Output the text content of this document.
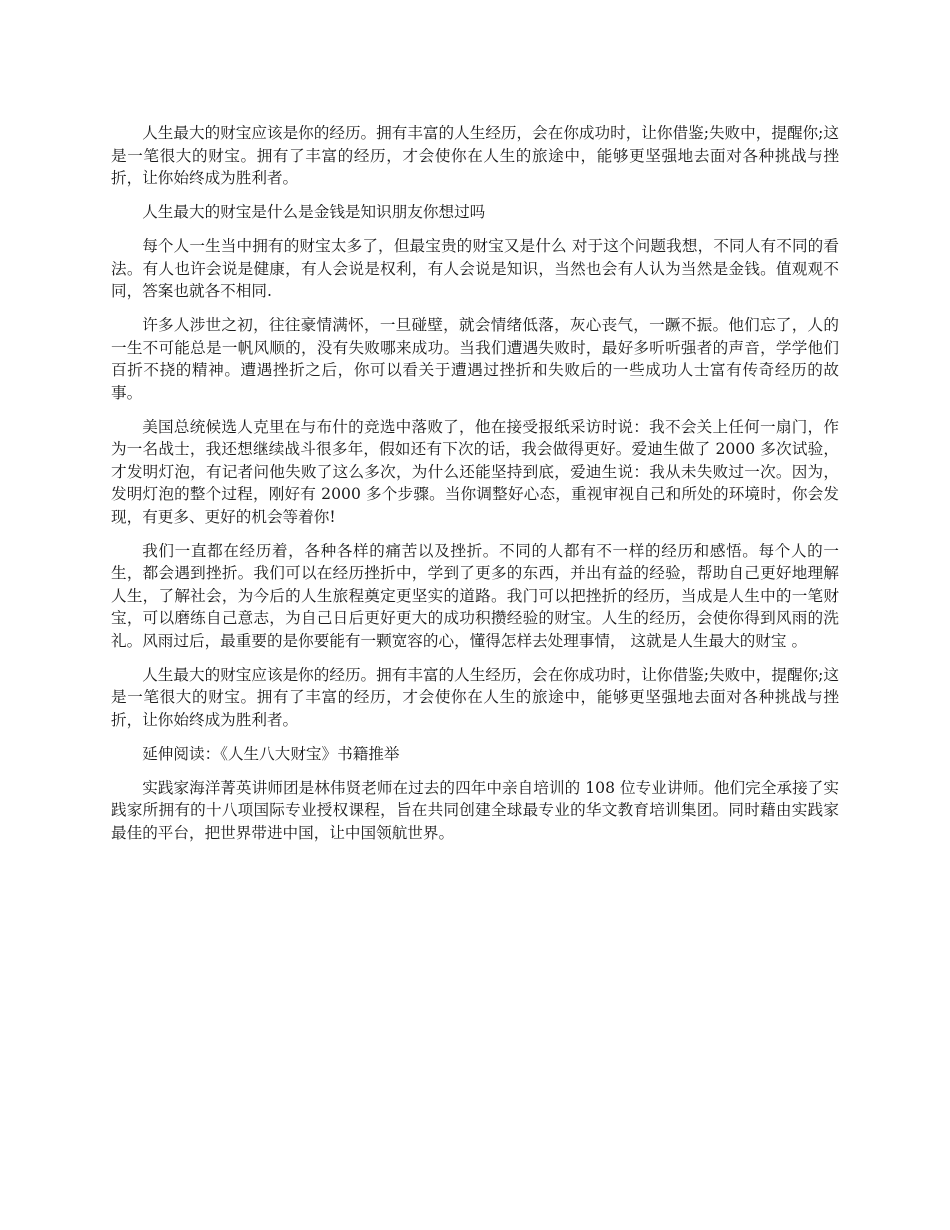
人生最大的财宝应该是你的经历。拥有丰富的人生经历，会在你成功时，让你借鉴;失败中，提醒你;这是一笔很大的财宝。拥有了丰富的经历，才会使你在人生的旅途中，能够更坚强地去面对各种挑战与挫折，让你始终成为胜利者。

人生最大的财宝是什么是金钱是知识朋友你想过吗

每个人一生当中拥有的财宝太多了，但最宝贵的财宝又是什么 对于这个问题我想，不同人有不同的看法。有人也许会说是健康，有人会说是权利，有人会说是知识，当然也会有人认为当然是金钱。值观观不同，答案也就各不相同.

许多人涉世之初，往往豪情满怀，一旦碰壁，就会情绪低落，灰心丧气，一蹶不振。他们忘了，人的一生不可能总是一帆风顺的，没有失败哪来成功。当我们遭遇失败时，最好多听听强者的声音，学学他们百折不挠的精神。遭遇挫折之后，你可以看关于遭遇过挫折和失败后的一些成功人士富有传奇经历的故事。

美国总统候选人克里在与布什的竞选中落败了，他在接受报纸采访时说：我不会关上任何一扇门，作为一名战士，我还想继续战斗很多年，假如还有下次的话，我会做得更好。爱迪生做了 2000 多次试验，才发明灯泡，有记者问他失败了这么多次，为什么还能坚持到底，爱迪生说：我从未失败过一次。因为，发明灯泡的整个过程，刚好有 2000 多个步骤。当你调整好心态，重视审视自己和所处的环境时，你会发现，有更多、更好的机会等着你!

我们一直都在经历着，各种各样的痛苦以及挫折。不同的人都有不一样的经历和感悟。每个人的一生，都会遇到挫折。我们可以在经历挫折中，学到了更多的东西，并出有益的经验，帮助自己更好地理解人生，了解社会，为今后的人生旅程奠定更坚实的道路。我门可以把挫折的经历，当成是人生中的一笔财宝，可以磨练自己意志，为自己日后更好更大的成功积攒经验的财宝。人生的经历，会使你得到风雨的洗礼。风雨过后，最重要的是你要能有一颗宽容的心，懂得怎样去处理事情， 这就是人生最大的财宝 。

人生最大的财宝应该是你的经历。拥有丰富的人生经历，会在你成功时，让你借鉴;失败中，提醒你;这是一笔很大的财宝。拥有了丰富的经历，才会使你在人生的旅途中，能够更坚强地去面对各种挑战与挫折，让你始终成为胜利者。

延伸阅读：《人生八大财宝》书籍推举

实践家海洋菁英讲师团是林伟贤老师在过去的四年中亲自培训的 108 位专业讲师。他们完全承接了实践家所拥有的十八项国际专业授权课程，旨在共同创建全球最专业的华文教育培训集团。同时藉由实践家最佳的平台，把世界带进中国，让中国领航世界。
